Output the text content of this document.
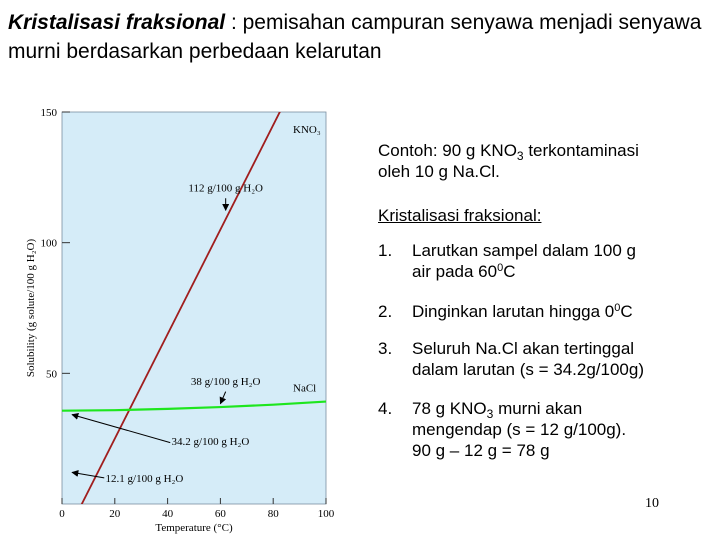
Kristalisasi fraksional : pemisahan campuran senyawa menjadi senyawa murni berdasarkan perbedaan kelarutan
50
100
150
0	20	40	60	80	100
Solubility (g solute/100 g H₂O)
Temperature (°C)
112 g/100 g H₂O
38 g/100 g H₂O
34.2 g/100 g H₂O
12.1 g/100 g H₂O
KNO₃
NaCl
Contoh: 90 g $KNO_3$ terkontaminasi
oleh 10 g Na.Cl.
Kristalisasi fraksional:
1. Larutkan sampel dalam 100 g
air pada $60^0C$
2. Dinginkan larutan hingga $0^0C$
3. Seluruh Na.Cl akan tertinggal
dalam larutan (s = 34.2g/100g)
4. 78 g $KNO_3$ murni akan
mengendap (s = 12 g/100g).
90 g – 12 g = 78 g
10
